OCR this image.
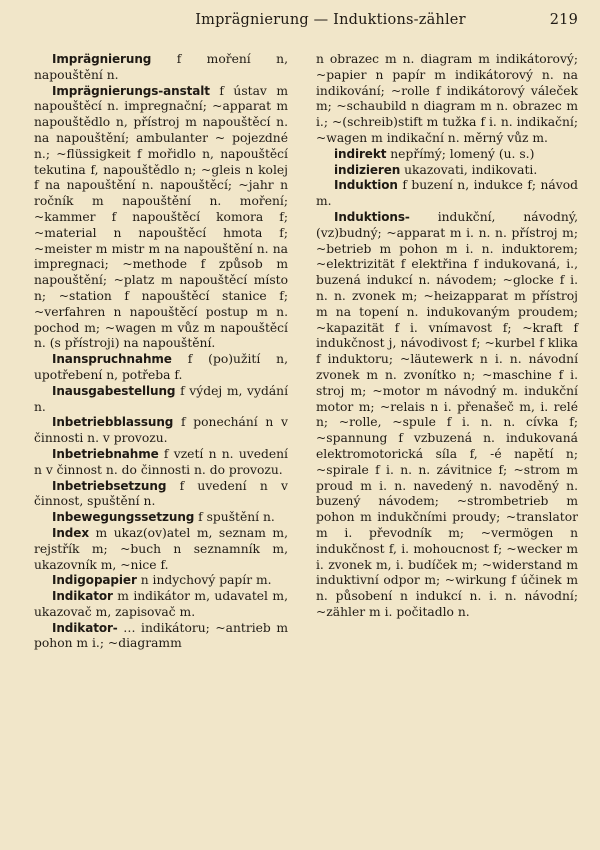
Imprägnierung — Induktions-zähler	219

Imprägnierung f moření n, napouštění n.

Imprägnierungs-anstalt f ústav m napouštěcí n. impregnační; ~apparat m napouštědlo n, přístroj m napouštěcí n. na napouštění; ambulanter ~ pojezdné n.; ~flüssigkeit f mořidlo n, napouštěcí tekutina f, napouštědlo n; ~gleis n kolej f na napouštění n. napouštěcí; ~jahr n ročník m napouštění n. moření; ~kammer f napouštěcí komora f; ~material n napouštěcí hmota f; ~meister m mistr m na napouštění n. na impregnaci; ~methode f způsob m napouštění; ~platz m napouštěcí místo n; ~station f napouštěcí stanice f; ~verfahren n napouštěcí postup m n. pochod m; ~wagen m vůz m napouštěcí n. (s přístroji) na napouštění.

Inanspruchnahme f (po)užití n, upotřebení n, potřeba f.

Inausgabestellung f výdej m, vydání n.

Inbetriebblassung f ponechání n v činnosti n. v provozu.

Inbetriebnahme f vzetí n n. uvedení n v činnost n. do činnosti n. do provozu.

Inbetriebsetzung f uvedení n v činnost, spuštění n.

Inbewegungssetzung f spuštění n.

Index m ukaz(ov)atel m, seznam m, rejstřík m; ~buch n seznamník m, ukazovník m, ~nice f.

Indigopapier n indychový papír m.

Indikator m indikátor m, udavatel m, ukazovač m, zapisovač m.

Indikator- … indikátoru; ~antrieb m pohon m i.; ~diagramm

n obrazec m n. diagram m indikátorový; ~papier n papír m indikátorový n. na indikování; ~rolle f indikátorový váleček m; ~schaubild n diagram m n. obrazec m i.; ~(schreib)stift m tužka f i. n. indikační; ~wagen m indikační n. měrný vůz m.

indirekt nepřímý; lomený (u. s.)

indizieren ukazovati, indikovati.

Induktion f buzení n, indukce f; návod m.

Induktions- indukční, návodný, (vz)budný; ~apparat m i. n. n. přístroj m; ~betrieb m pohon m i. n. induktorem; ~elektrizität f elektřina f indukovaná, i., buzená indukcí n. návodem; ~glocke f i. n. n. zvonek m; ~heizapparat m přístroj m na topení n. indukovaným proudem; ~kapazität f i. vnímavost f; ~kraft f indukčnost j, návodivost f; ~kurbel f klika f induktoru; ~läutewerk n i. n. návodní zvonek m n. zvonítko n; ~maschine f i. stroj m; ~motor m návodný m. indukční motor m; ~relais n i. přenašeč m, i. relé n; ~rolle, ~spule f i. n. n. cívka f; ~spannung f vzbuzená n. indukovaná elektromotorická síla f, -é napětí n; ~spirale f i. n. n. závitnice f; ~strom m proud m i. n. navedený n. navoděný n. buzený návodem; ~strombetrieb m pohon m indukčními proudy; ~translator m i. převodník m; ~vermögen n indukčnost f, i. mohoucnost f; ~wecker m i. zvonek m, i. budíček m; ~widerstand m induktivní odpor m; ~wirkung f účinek m n. působení n indukcí n. i. n. návodní; ~zähler m i. počitadlo n.
